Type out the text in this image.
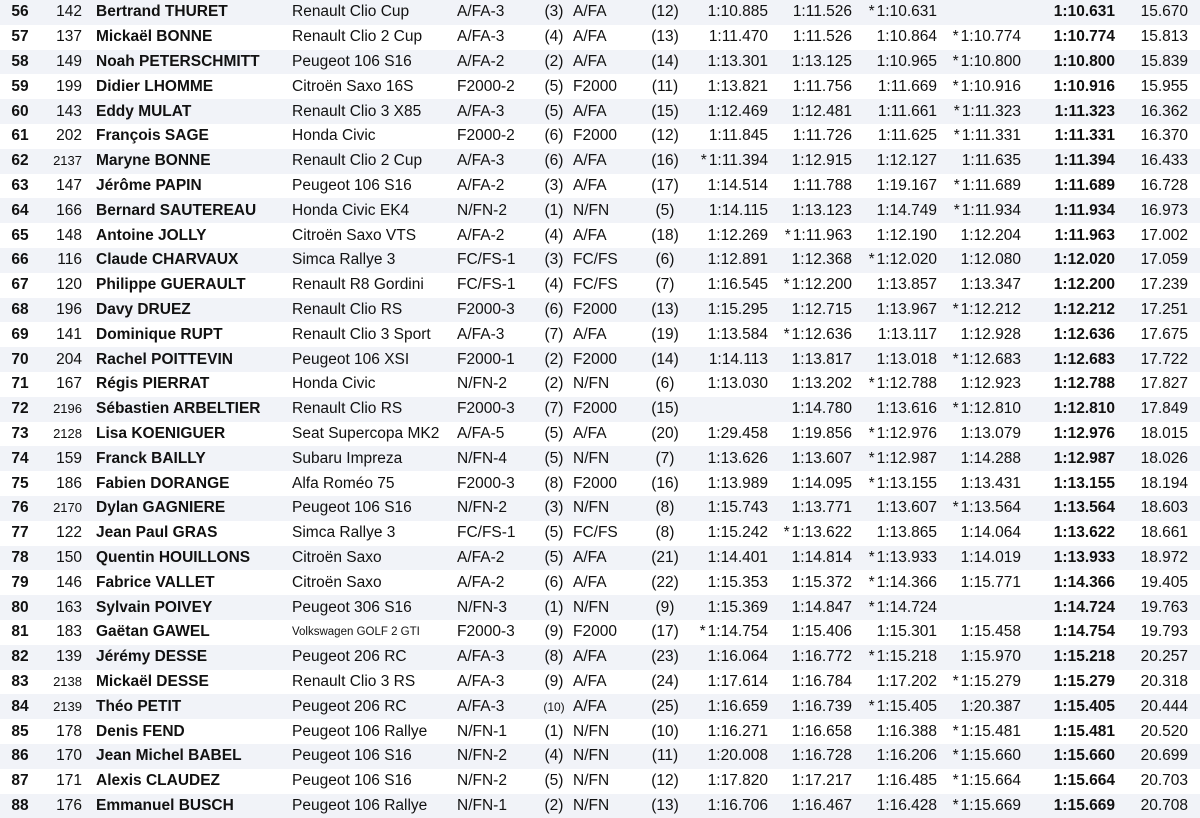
56	142	Bertrand THURET	Renault Clio Cup	A/FA-3	(3)	A/FA	(12)	1:10.885	1:11.526	* 1:10.631		1:10.631	15.670
57	137	Mickaël BONNE	Renault Clio 2 Cup	A/FA-3	(4)	A/FA	(13)	1:11.470	1:11.526	1:10.864	* 1:10.774	1:10.774	15.813
58	149	Noah PETERSCHMITT	Peugeot 106 S16	A/FA-2	(2)	A/FA	(14)	1:13.301	1:13.125	1:10.965	* 1:10.800	1:10.800	15.839
59	199	Didier LHOMME	Citroën Saxo 16S	F2000-2	(5)	F2000	(11)	1:13.821	1:11.756	1:11.669	* 1:10.916	1:10.916	15.955
60	143	Eddy MULAT	Renault Clio 3 X85	A/FA-3	(5)	A/FA	(15)	1:12.469	1:12.481	1:11.661	* 1:11.323	1:11.323	16.362
61	202	François SAGE	Honda Civic	F2000-2	(6)	F2000	(12)	1:11.845	1:11.726	1:11.625	* 1:11.331	1:11.331	16.370
62	2137	Maryne BONNE	Renault Clio 2 Cup	A/FA-3	(6)	A/FA	(16)	* 1:11.394	1:12.915	1:12.127	1:11.635	1:11.394	16.433
63	147	Jérôme PAPIN	Peugeot 106 S16	A/FA-2	(3)	A/FA	(17)	1:14.514	1:11.788	1:19.167	* 1:11.689	1:11.689	16.728
64	166	Bernard SAUTEREAU	Honda Civic EK4	N/FN-2	(1)	N/FN	(5)	1:14.115	1:13.123	1:14.749	* 1:11.934	1:11.934	16.973
65	148	Antoine JOLLY	Citroën Saxo VTS	A/FA-2	(4)	A/FA	(18)	1:12.269	* 1:11.963	1:12.190	1:12.204	1:11.963	17.002
66	116	Claude CHARVAUX	Simca Rallye 3	FC/FS-1	(3)	FC/FS	(6)	1:12.891	1:12.368	* 1:12.020	1:12.080	1:12.020	17.059
67	120	Philippe GUERAULT	Renault R8 Gordini	FC/FS-1	(4)	FC/FS	(7)	1:16.545	* 1:12.200	1:13.857	1:13.347	1:12.200	17.239
68	196	Davy DRUEZ	Renault Clio RS	F2000-3	(6)	F2000	(13)	1:15.295	1:12.715	1:13.967	* 1:12.212	1:12.212	17.251
69	141	Dominique RUPT	Renault Clio 3 Sport	A/FA-3	(7)	A/FA	(19)	1:13.584	* 1:12.636	1:13.117	1:12.928	1:12.636	17.675
70	204	Rachel POITTEVIN	Peugeot 106 XSI	F2000-1	(2)	F2000	(14)	1:14.113	1:13.817	1:13.018	* 1:12.683	1:12.683	17.722
71	167	Régis PIERRAT	Honda Civic	N/FN-2	(2)	N/FN	(6)	1:13.030	1:13.202	* 1:12.788	1:12.923	1:12.788	17.827
72	2196	Sébastien ARBELTIER	Renault Clio RS	F2000-3	(7)	F2000	(15)		1:14.780	1:13.616	* 1:12.810	1:12.810	17.849
73	2128	Lisa KOENIGUER	Seat Supercopa MK2	A/FA-5	(5)	A/FA	(20)	1:29.458	1:19.856	* 1:12.976	1:13.079	1:12.976	18.015
74	159	Franck BAILLY	Subaru Impreza	N/FN-4	(5)	N/FN	(7)	1:13.626	1:13.607	* 1:12.987	1:14.288	1:12.987	18.026
75	186	Fabien DORANGE	Alfa Roméo 75	F2000-3	(8)	F2000	(16)	1:13.989	1:14.095	* 1:13.155	1:13.431	1:13.155	18.194
76	2170	Dylan GAGNIERE	Peugeot 106 S16	N/FN-2	(3)	N/FN	(8)	1:15.743	1:13.771	1:13.607	* 1:13.564	1:13.564	18.603
77	122	Jean Paul GRAS	Simca Rallye 3	FC/FS-1	(5)	FC/FS	(8)	1:15.242	* 1:13.622	1:13.865	1:14.064	1:13.622	18.661
78	150	Quentin HOUILLONS	Citroën Saxo	A/FA-2	(5)	A/FA	(21)	1:14.401	1:14.814	* 1:13.933	1:14.019	1:13.933	18.972
79	146	Fabrice VALLET	Citroën Saxo	A/FA-2	(6)	A/FA	(22)	1:15.353	1:15.372	* 1:14.366	1:15.771	1:14.366	19.405
80	163	Sylvain POIVEY	Peugeot 306 S16	N/FN-3	(1)	N/FN	(9)	1:15.369	1:14.847	* 1:14.724		1:14.724	19.763
81	183	Gaëtan GAWEL	Volkswagen GOLF 2 GTI	F2000-3	(9)	F2000	(17)	* 1:14.754	1:15.406	1:15.301	1:15.458	1:14.754	19.793
82	139	Jérémy DESSE	Peugeot 206 RC	A/FA-3	(8)	A/FA	(23)	1:16.064	1:16.772	* 1:15.218	1:15.970	1:15.218	20.257
83	2138	Mickaël DESSE	Renault Clio 3 RS	A/FA-3	(9)	A/FA	(24)	1:17.614	1:16.784	1:17.202	* 1:15.279	1:15.279	20.318
84	2139	Théo PETIT	Peugeot 206 RC	A/FA-3	(10)	A/FA	(25)	1:16.659	1:16.739	* 1:15.405	1:20.387	1:15.405	20.444
85	178	Denis FEND	Peugeot 106 Rallye	N/FN-1	(1)	N/FN	(10)	1:16.271	1:16.658	1:16.388	* 1:15.481	1:15.481	20.520
86	170	Jean Michel BABEL	Peugeot 106 S16	N/FN-2	(4)	N/FN	(11)	1:20.008	1:16.728	1:16.206	* 1:15.660	1:15.660	20.699
87	171	Alexis CLAUDEZ	Peugeot 106 S16	N/FN-2	(5)	N/FN	(12)	1:17.820	1:17.217	1:16.485	* 1:15.664	1:15.664	20.703
88	176	Emmanuel BUSCH	Peugeot 106 Rallye	N/FN-1	(2)	N/FN	(13)	1:16.706	1:16.467	1:16.428	* 1:15.669	1:15.669	20.708
